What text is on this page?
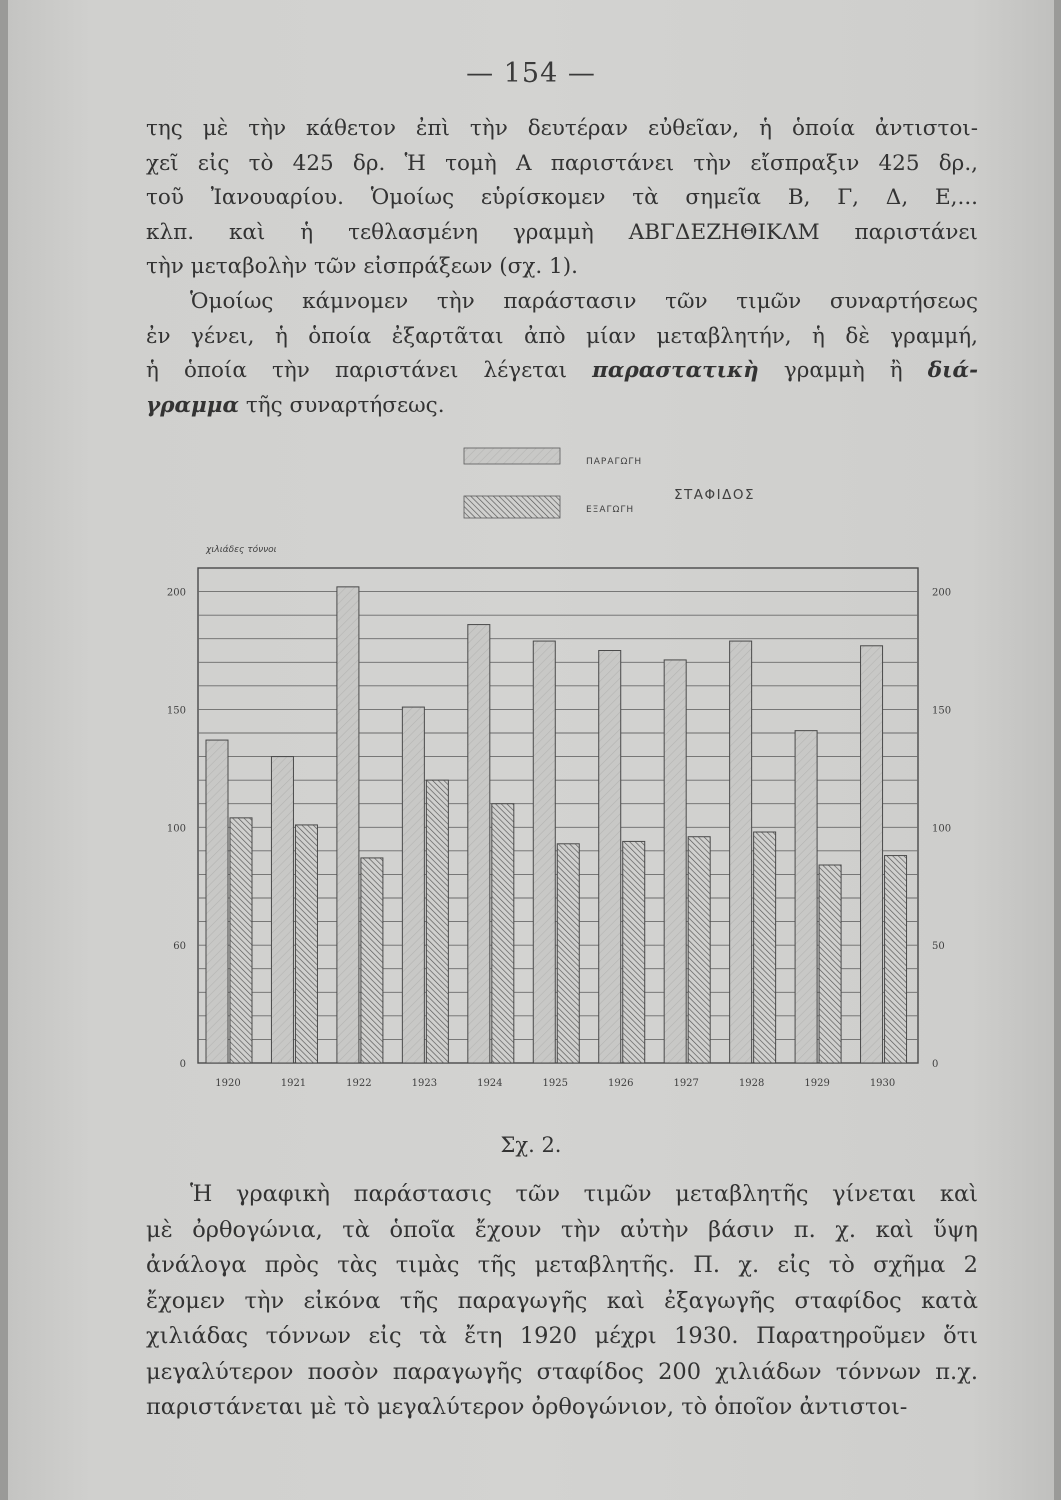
— 154 —
της μὲ τὴν κάθετον ἐπὶ τὴν δευτέραν εὐθεῖαν, ἡ ὁποία ἀντιστοι-
χεῖ εἰς τὸ 425 δρ. Ἡ τομὴ Α παριστάνει τὴν εἴσπραξιν 425 δρ.,
τοῦ Ἰανουαρίου. Ὁμοίως εὑρίσκομεν τὰ σημεῖα Β, Γ, Δ, Ε,...
κλπ. καὶ ἡ τεθλασμένη γραμμὴ ΑΒΓΔΕΖΗΘΙΚΛΜ παριστάνει
τὴν μεταβολὴν τῶν εἰσπράξεων (σχ. 1).
Ὁμοίως κάμνομεν τὴν παράστασιν τῶν τιμῶν συναρτήσεως
ἐν γένει, ἡ ὁποία ἐξαρτᾶται ἀπὸ μίαν μεταβλητήν, ἡ δὲ γραμμή,
ἡ ὁποία τὴν παριστάνει λέγεται παραστατικὴ γραμμὴ ἢ διά-
γραμμα τῆς συναρτήσεως.
Σχ. 2.
Ἡ γραφικὴ παράστασις τῶν τιμῶν μεταβλητῆς γίνεται καὶ
μὲ ὀρθογώνια, τὰ ὁποῖα ἔχουν τὴν αὐτὴν βάσιν π. χ. καὶ ὕψη
ἀνάλογα πρὸς τὰς τιμὰς τῆς μεταβλητῆς. Π. χ. εἰς τὸ σχῆμα 2
ἔχομεν τὴν εἰκόνα τῆς παραγωγῆς καὶ ἐξαγωγῆς σταφίδος κατὰ
χιλιάδας τόννων εἰς τὰ ἔτη 1920 μέχρι 1930. Παρατηροῦμεν ὅτι
μεγαλύτερον ποσὸν παραγωγῆς σταφίδος 200 χιλιάδων τόννων π.χ.
παριστάνεται μὲ τὸ μεγαλύτερον ὀρθογώνιον, τὸ ὁποῖον ἀντιστοι-
0	0
60	50
100	100
150	150
200	200
χιλιάδες τόννοι
1920	1921	1922	1923	1924	1925	1926	1927	1928	1929	1930
ΠΑΡΑΓΩΓΗ
ΕΞΑΓΩΓΗ
ΣΤΑΦΙΔΟΣ
